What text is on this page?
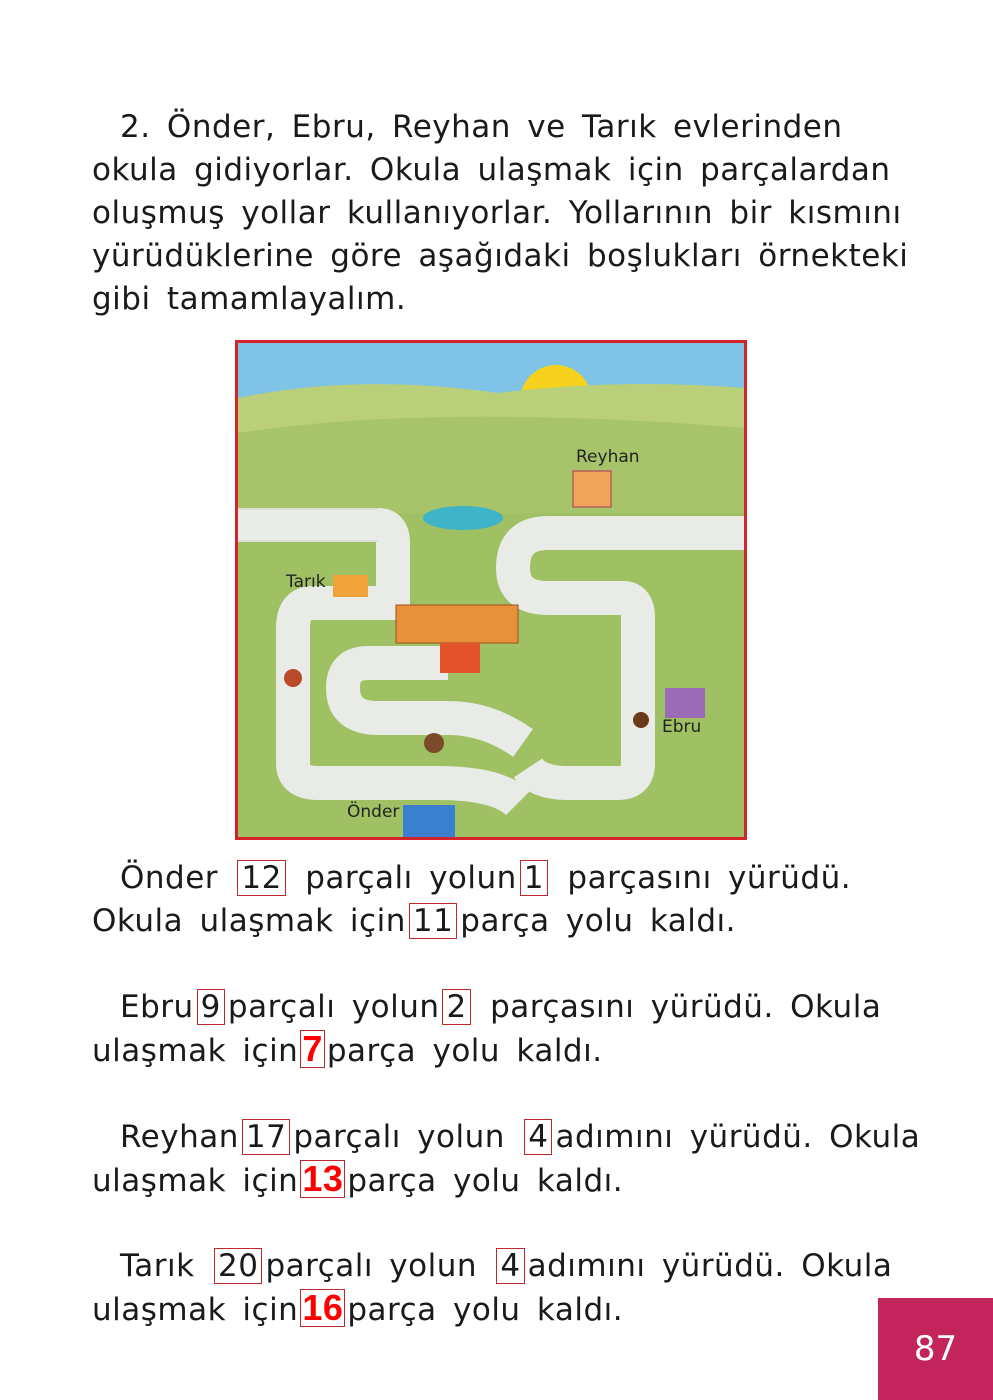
2. Önder, Ebru, Reyhan ve Tarık evlerinden
okula gidiyorlar. Okula ulaşmak için parçalardan
oluşmuş yollar kullanıyorlar. Yollarının bir kısmını
yürüdüklerine göre aşağıdaki boşlukları örnekteki
gibi tamamlayalım.
Reyhan
Tarık
Ebru
Önder
Önder 12 parçalı yolun 1 parçasını yürüdü.
Okula ulaşmak için 11 parça yolu kaldı.
Ebru 9 parçalı yolun 2 parçasını yürüdü. Okula
ulaşmak için 7 parça yolu kaldı.
Reyhan 17 parçalı yolun 4 adımını yürüdü. Okula
ulaşmak için 13 parça yolu kaldı.
Tarık 20 parçalı yolun 4 adımını yürüdü. Okula
ulaşmak için 16 parça yolu kaldı.
87
